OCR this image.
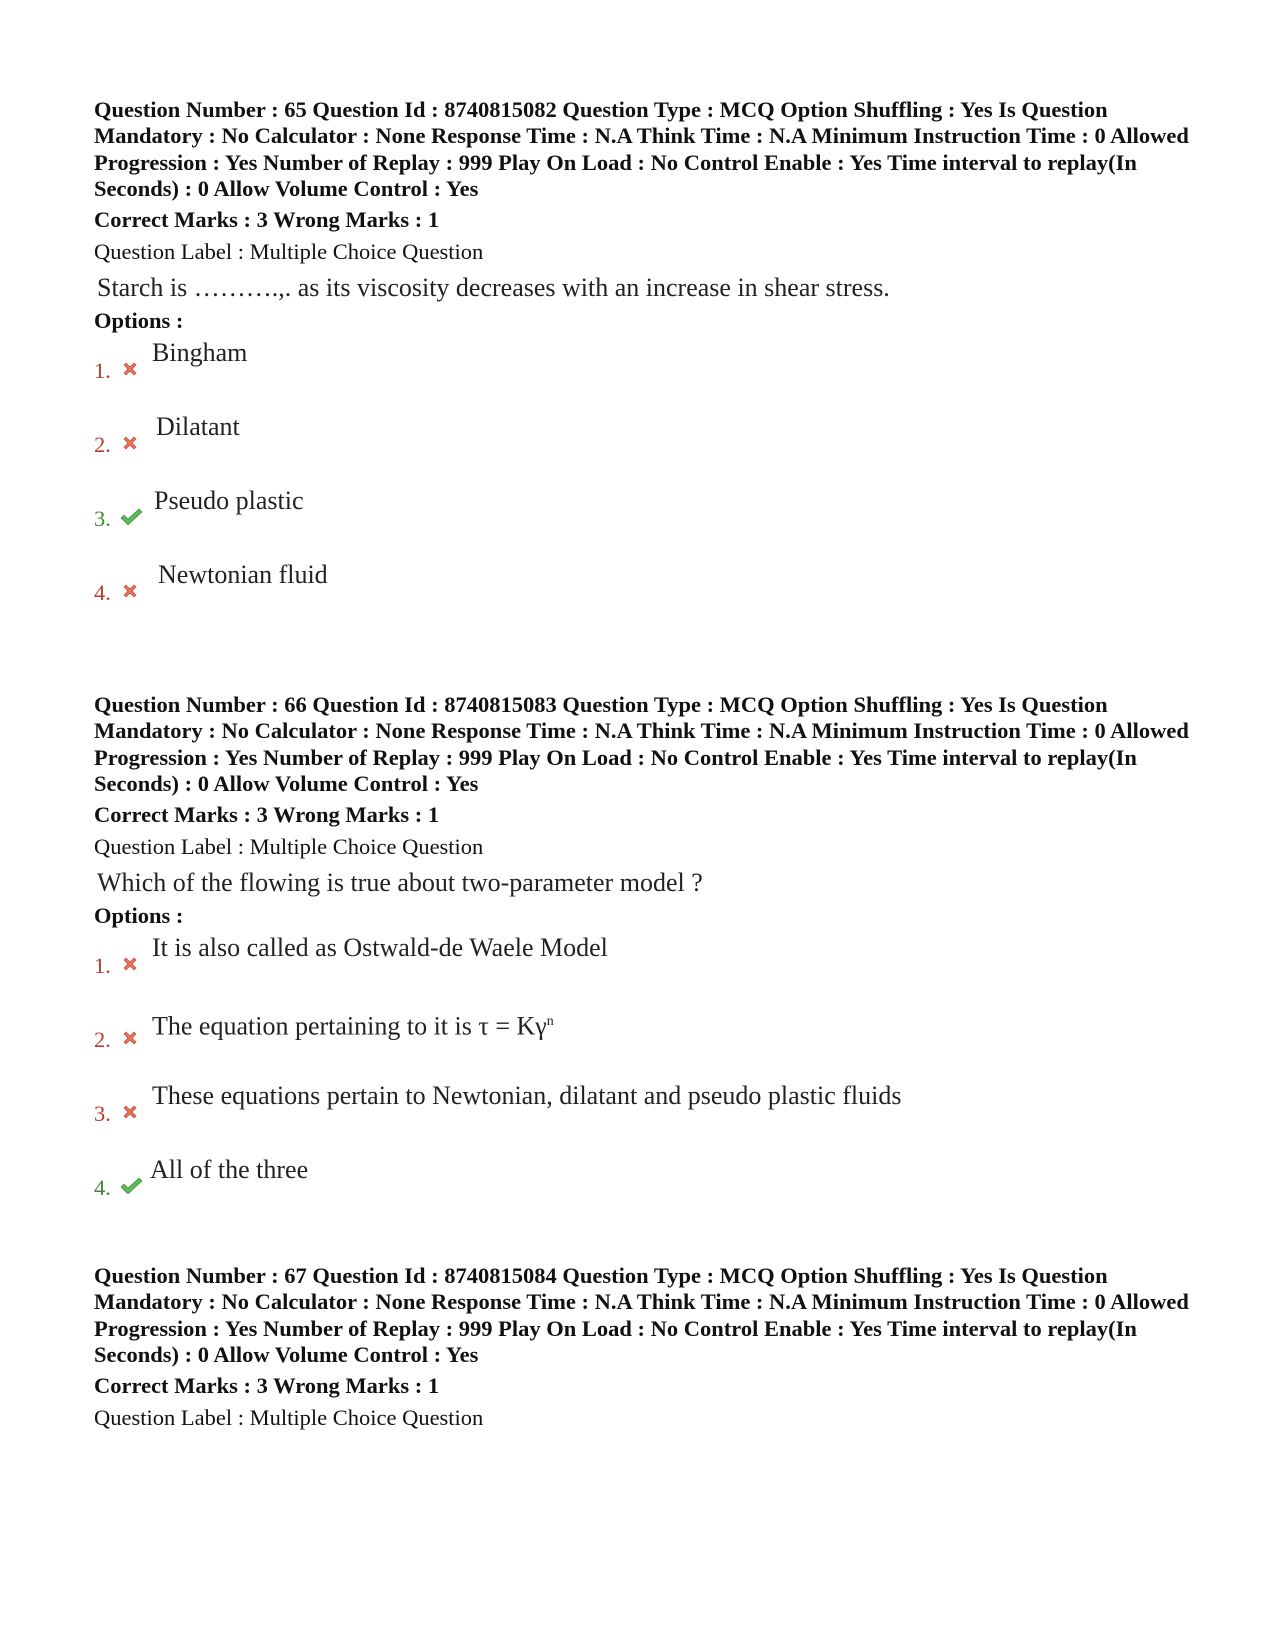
Question Number : 65 Question Id : 8740815082 Question Type : MCQ Option Shuffling : Yes Is Question Mandatory : No Calculator : None Response Time : N.A Think Time : N.A Minimum Instruction Time : 0 Allowed Progression : Yes Number of Replay : 999 Play On Load : No Control Enable : Yes Time interval to replay(In Seconds) : 0 Allow Volume Control : Yes

Correct Marks : 3 Wrong Marks : 1
Question Label : Multiple Choice Question
Starch is ……….,. as its viscosity decreases with an increase in shear stress.
Options :
1.
Bingham
2.
Dilatant
3.
Pseudo plastic
4.
Newtonian fluid

Question Number : 66 Question Id : 8740815083 Question Type : MCQ Option Shuffling : Yes Is Question Mandatory : No Calculator : None Response Time : N.A Think Time : N.A Minimum Instruction Time : 0 Allowed Progression : Yes Number of Replay : 999 Play On Load : No Control Enable : Yes Time interval to replay(In Seconds) : 0 Allow Volume Control : Yes

Correct Marks : 3 Wrong Marks : 1
Question Label : Multiple Choice Question
Which of the flowing is true about two-parameter model ?
Options :
1.
It is also called as Ostwald-de Waele Model
2. The equation pertaining to it is $\tau = K\gamma^n$
3.
These equations pertain to Newtonian, dilatant and pseudo plastic fluids
4.
All of the three

Question Number : 67 Question Id : 8740815084 Question Type : MCQ Option Shuffling : Yes Is Question Mandatory : No Calculator : None Response Time : N.A Think Time : N.A Minimum Instruction Time : 0 Allowed Progression : Yes Number of Replay : 999 Play On Load : No Control Enable : Yes Time interval to replay(In Seconds) : 0 Allow Volume Control : Yes

Correct Marks : 3 Wrong Marks : 1
Question Label : Multiple Choice Question
